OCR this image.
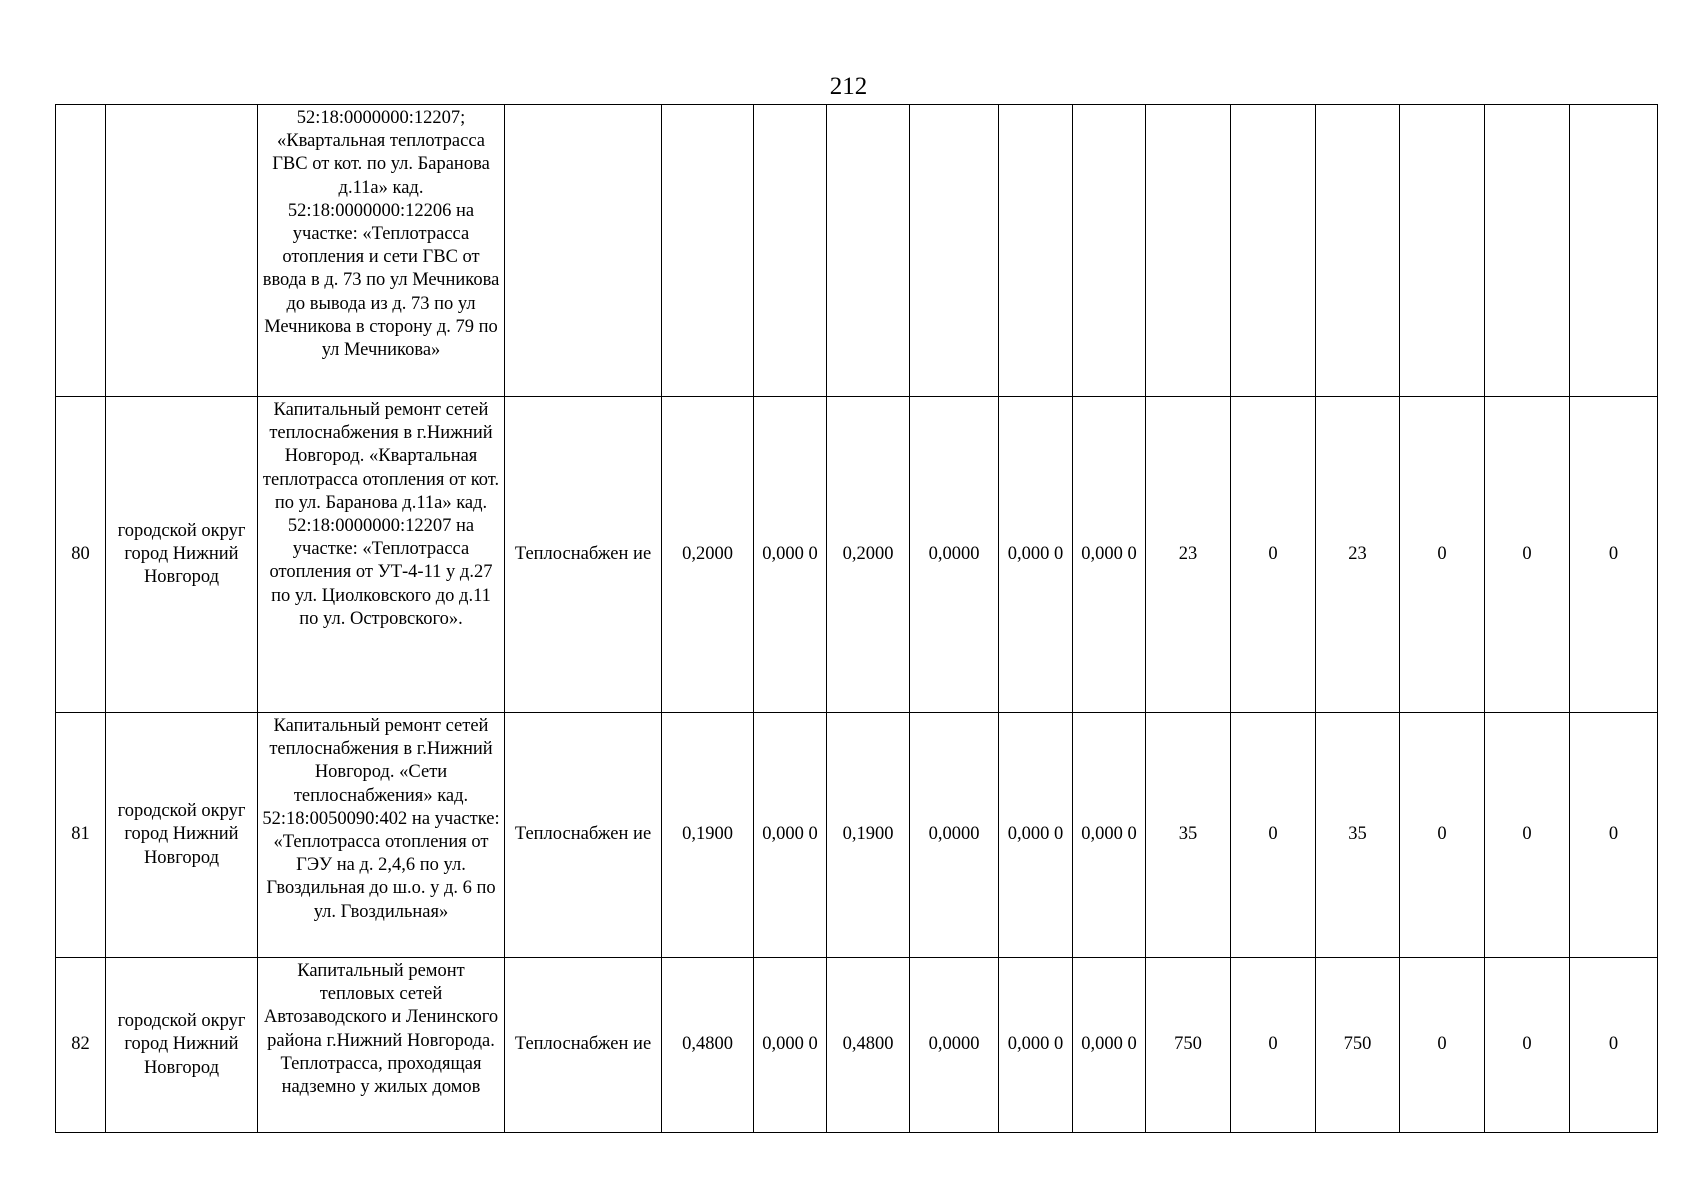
212
		52:18:0000000:12207; «Квартальная теплотрасса ГВС от кот. по ул. Баранова д.11а» кад. 52:18:0000000:12206 на участке: «Теплотрасса отопления и сети ГВС от ввода в д. 73 по ул Мечникова до вывода из д. 73 по ул Мечникова в сторону д. 79 по ул Мечникова»													
80	городской округ город Нижний Новгород	Капитальный ремонт сетей теплоснабжения в г.Нижний Новгород. «Квартальная теплотрасса отопления от кот. по ул. Баранова д.11а» кад. 52:18:0000000:12207 на участке: «Теплотрасса отопления от УТ-4-11 у д.27 по ул. Циолковского до д.11 по ул. Островского».	Теплоснабжен ие	0,2000	0,000 0	0,2000	0,0000	0,000 0	0,000 0	23	0	23	0	0	0
81	городской округ город Нижний Новгород	Капитальный ремонт сетей теплоснабжения в г.Нижний Новгород. «Сети теплоснабжения» кад. 52:18:0050090:402 на участке: «Теплотрасса отопления от ГЭУ на д. 2,4,6 по ул. Гвоздильная до ш.о. у д. 6 по ул. Гвоздильная»	Теплоснабжен ие	0,1900	0,000 0	0,1900	0,0000	0,000 0	0,000 0	35	0	35	0	0	0
82	городской округ город Нижний Новгород	Капитальный ремонт тепловых сетей Автозаводского и Ленинского района г.Нижний Новгорода. Теплотрасса, проходящая надземно у жилых домов	Теплоснабжен ие	0,4800	0,000 0	0,4800	0,0000	0,000 0	0,000 0	750	0	750	0	0	0
